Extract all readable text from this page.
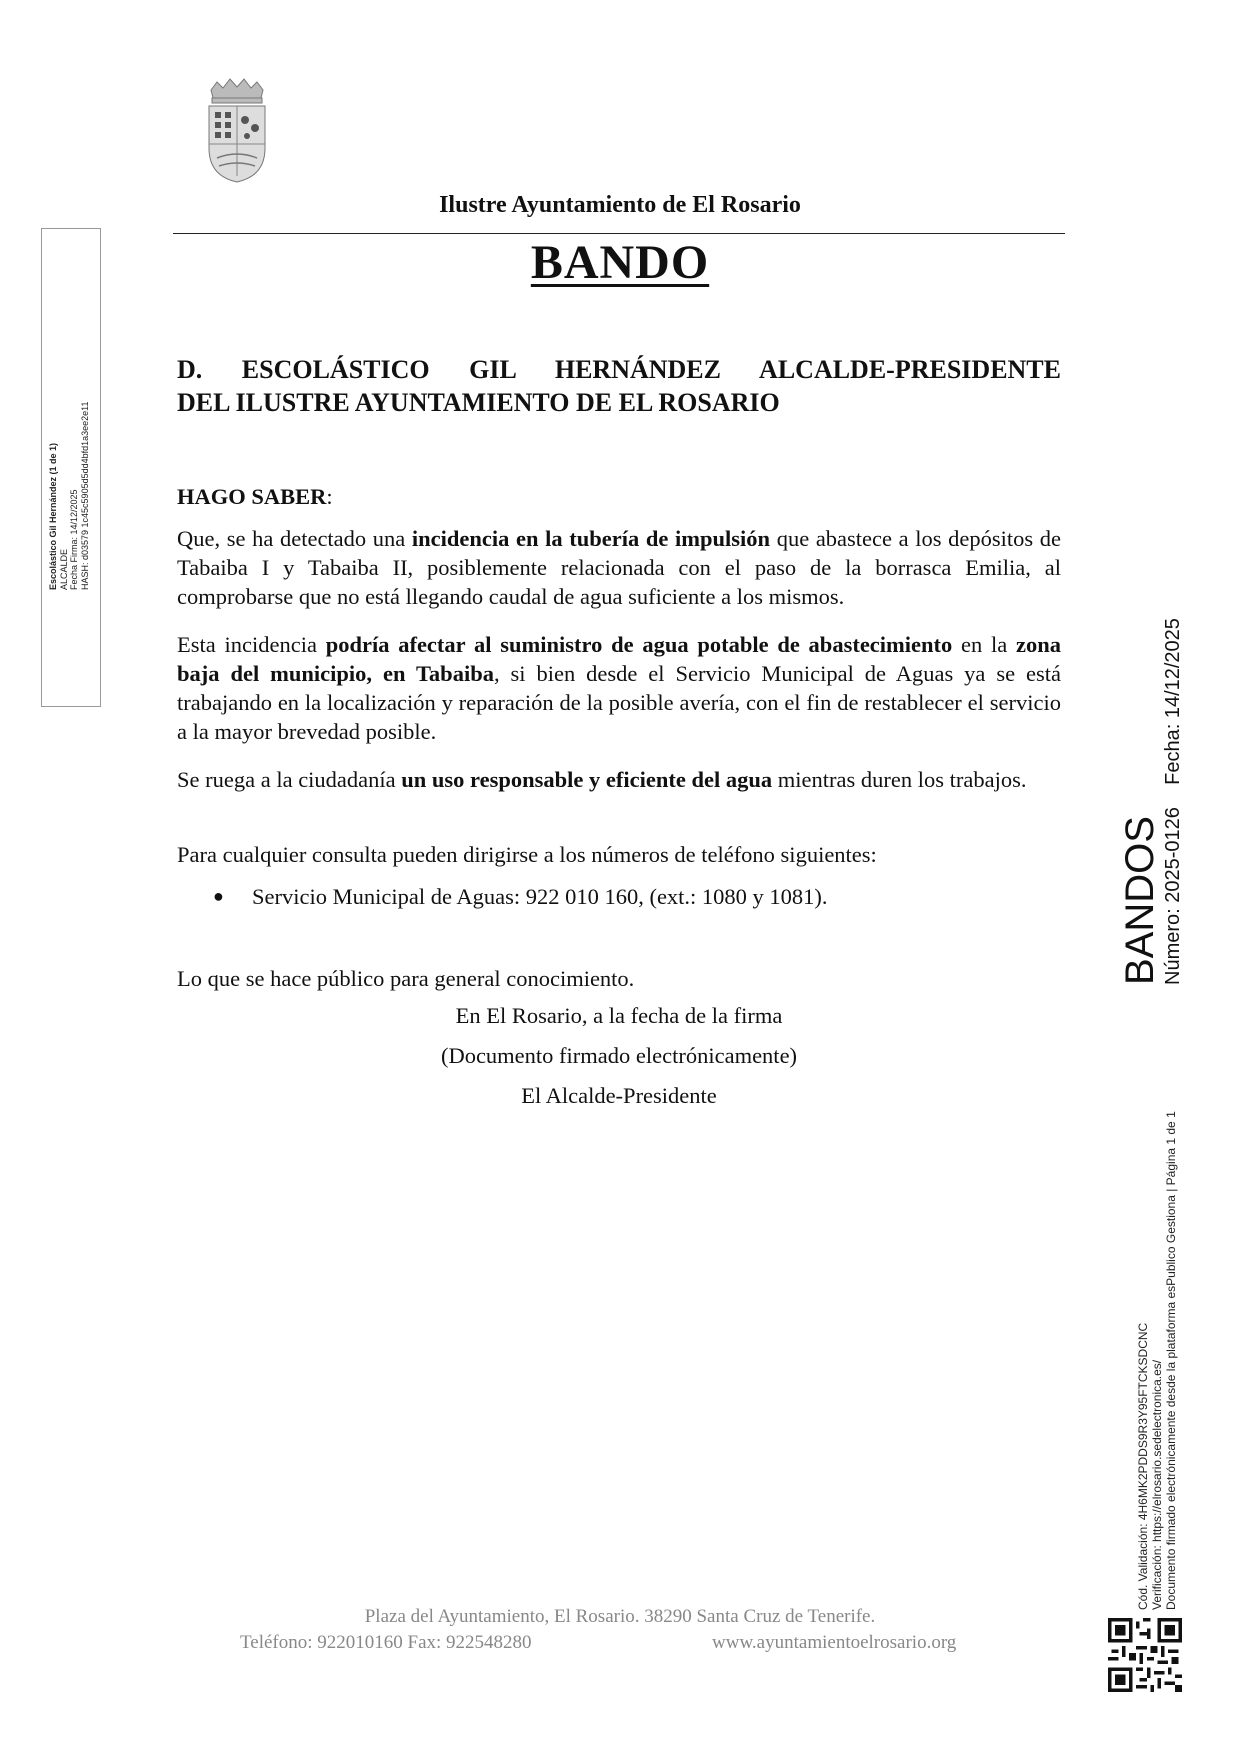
Ilustre Ayuntamiento de El Rosario
BANDO
D. ESCOLÁSTICO GIL HERNÁNDEZ ALCALDE-PRESIDENTE
DEL ILUSTRE AYUNTAMIENTO DE EL ROSARIO
HAGO SABER:
Que, se ha detectado una incidencia en la tubería de impulsión que abastece a los depósitos de Tabaiba I y Tabaiba II, posiblemente relacionada con el paso de la borrasca Emilia, al comprobarse que no está llegando caudal de agua suficiente a los mismos.
Esta incidencia podría afectar al suministro de agua potable de abastecimiento en la zona baja del municipio, en Tabaiba, si bien desde el Servicio Municipal de Aguas ya se está trabajando en la localización y reparación de la posible avería, con el fin de restablecer el servicio a la mayor brevedad posible.
Se ruega a la ciudadanía un uso responsable y eficiente del agua mientras duren los trabajos.
Para cualquier consulta pueden dirigirse a los números de teléfono siguientes:
● Servicio Municipal de Aguas: 922 010 160, (ext.: 1080 y 1081).
Lo que se hace público para general conocimiento.
En El Rosario, a la fecha de la firma
(Documento firmado electrónicamente)
El Alcalde-Presidente
Escolástico Gil Hernández (1 de 1) ALCALDE Fecha Firma: 14/12/2025 HASH: d03579 1c45c5905d5dd4bfd1a3ee2e11
BANDOS Número: 2025-0126    Fecha: 14/12/2025
Cód. Validación: 4H6MK2PDDS9R3Y95FTCKSDCNC Verificación: https://elrosario.sedelectronica.es/ Documento firmado electrónicamente desde la plataforma esPublico Gestiona | Página 1 de 1
Plaza del Ayuntamiento, El Rosario. 38290 Santa Cruz de Tenerife.
Teléfono: 922010160 Fax: 922548280	www.ayuntamientoelrosario.org
